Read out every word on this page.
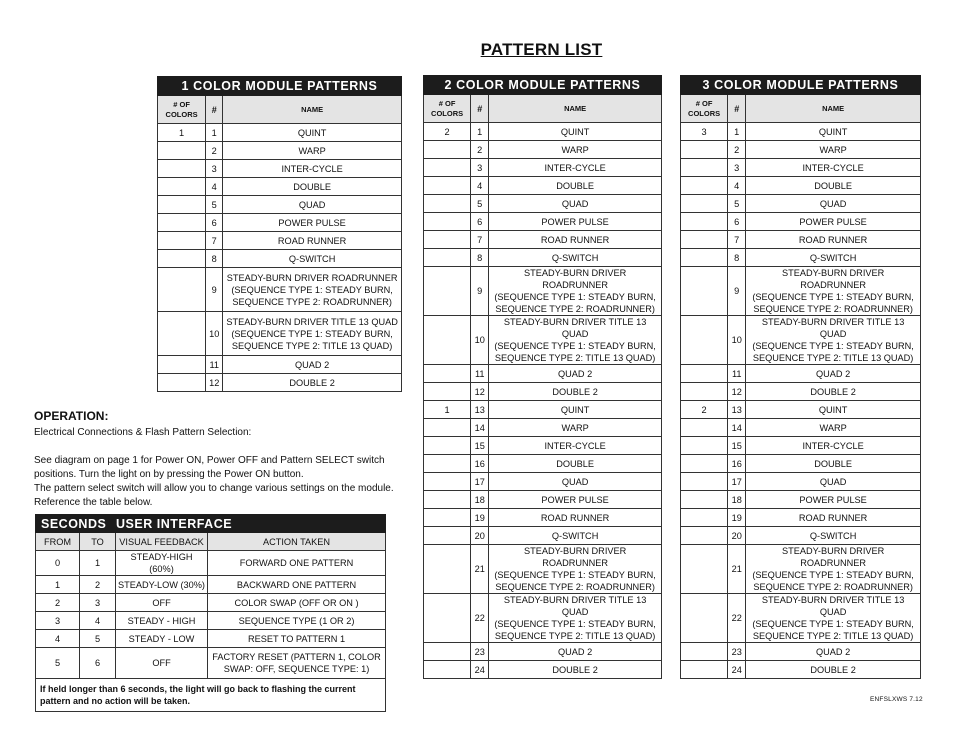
PATTERN LIST
1 COLOR MODULE PATTERNS		
# OF
COLORS	#	NAME
1	1	QUINT
	2	WARP
	3	INTER-CYCLE
	4	DOUBLE
	5	QUAD
	6	POWER PULSE
	7	ROAD RUNNER
	8	Q-SWITCH
	9	STEADY-BURN DRIVER ROADRUNNER
(SEQUENCE TYPE 1: STEADY BURN,
SEQUENCE TYPE 2: ROADRUNNER)
	10	STEADY-BURN DRIVER TITLE 13 QUAD
(SEQUENCE TYPE 1: STEADY BURN,
SEQUENCE TYPE 2: TITLE 13 QUAD)
	11	QUAD 2
	12	DOUBLE 2
2 COLOR MODULE PATTERNS		
# OF
COLORS	#	NAME
2	1	QUINT
	2	WARP
	3	INTER-CYCLE
	4	DOUBLE
	5	QUAD
	6	POWER PULSE
	7	ROAD RUNNER
	8	Q-SWITCH
	9	STEADY-BURN DRIVER ROADRUNNER
(SEQUENCE TYPE 1: STEADY BURN,
SEQUENCE TYPE 2: ROADRUNNER)
	10	STEADY-BURN DRIVER TITLE 13 QUAD
(SEQUENCE TYPE 1: STEADY BURN,
SEQUENCE TYPE 2: TITLE 13 QUAD)
	11	QUAD 2
	12	DOUBLE 2
1	13	QUINT
	14	WARP
	15	INTER-CYCLE
	16	DOUBLE
	17	QUAD
	18	POWER PULSE
	19	ROAD RUNNER
	20	Q-SWITCH
	21	STEADY-BURN DRIVER ROADRUNNER
(SEQUENCE TYPE 1: STEADY BURN,
SEQUENCE TYPE 2: ROADRUNNER)
	22	STEADY-BURN DRIVER TITLE 13 QUAD
(SEQUENCE TYPE 1: STEADY BURN,
SEQUENCE TYPE 2: TITLE 13 QUAD)
	23	QUAD 2
	24	DOUBLE 2
3 COLOR MODULE PATTERNS		
# OF
COLORS	#	NAME
3	1	QUINT
	2	WARP
	3	INTER-CYCLE
	4	DOUBLE
	5	QUAD
	6	POWER PULSE
	7	ROAD RUNNER
	8	Q-SWITCH
	9	STEADY-BURN DRIVER ROADRUNNER
(SEQUENCE TYPE 1: STEADY BURN,
SEQUENCE TYPE 2: ROADRUNNER)
	10	STEADY-BURN DRIVER TITLE 13 QUAD
(SEQUENCE TYPE 1: STEADY BURN,
SEQUENCE TYPE 2: TITLE 13 QUAD)
	11	QUAD 2
	12	DOUBLE 2
2	13	QUINT
	14	WARP
	15	INTER-CYCLE
	16	DOUBLE
	17	QUAD
	18	POWER PULSE
	19	ROAD RUNNER
	20	Q-SWITCH
	21	STEADY-BURN DRIVER ROADRUNNER
(SEQUENCE TYPE 1: STEADY BURN,
SEQUENCE TYPE 2: ROADRUNNER)
	22	STEADY-BURN DRIVER TITLE 13 QUAD
(SEQUENCE TYPE 1: STEADY BURN,
SEQUENCE TYPE 2: TITLE 13 QUAD)
	23	QUAD 2
	24	DOUBLE 2
OPERATION:
Electrical Connections & Flash Pattern Selection:

See diagram on page 1 for Power ON, Power OFF and Pattern SELECT switch positions. Turn the light on by pressing the Power ON button.
The pattern select switch will allow you to change various settings on the module. Reference the table below.
SECONDS		USER INTERFACE	
FROM	TO	VISUAL FEEDBACK	ACTION TAKEN
0	1	STEADY-HIGH (60%)	FORWARD ONE PATTERN
1	2	STEADY-LOW (30%)	BACKWARD ONE PATTERN
2	3	OFF	COLOR SWAP (OFF OR ON )
3	4	STEADY - HIGH	SEQUENCE TYPE (1 OR 2)
4	5	STEADY - LOW	RESET TO PATTERN 1
5	6	OFF	FACTORY RESET (PATTERN 1, COLOR SWAP: OFF, SEQUENCE TYPE: 1)
If held longer than 6 seconds, the light will go back to flashing the current pattern and no action will be taken.				ENFSLXWS 7.12
